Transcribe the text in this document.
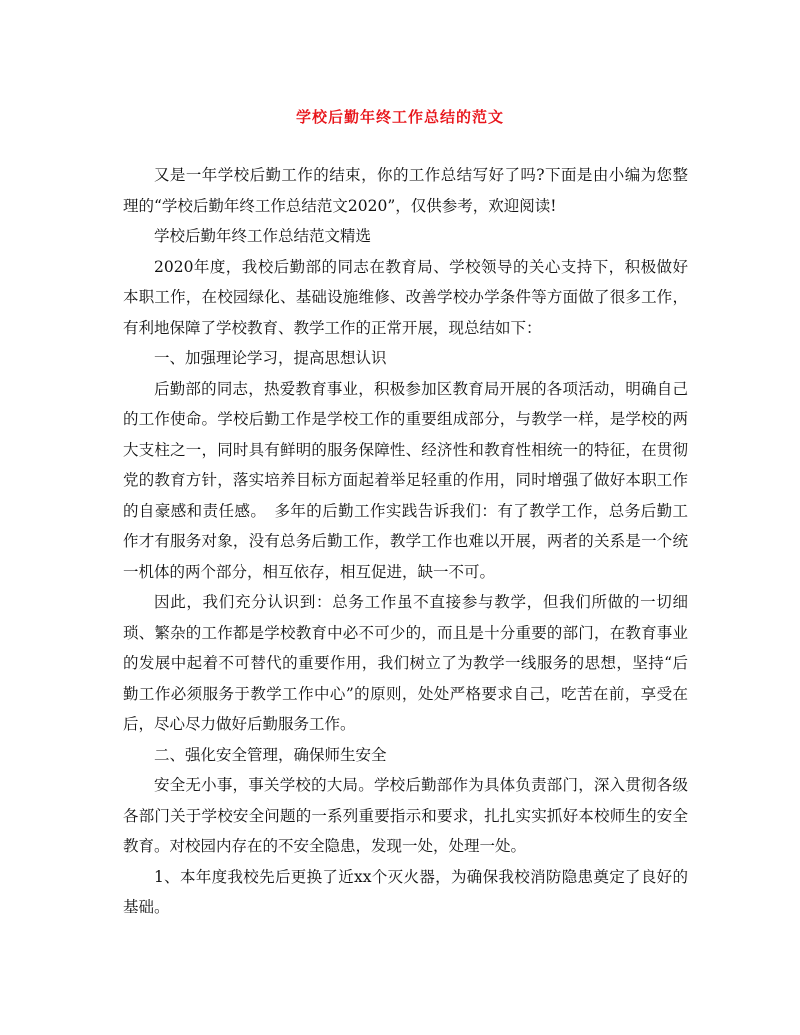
学校后勤年终工作总结的范文

又是一年学校后勤工作的结束，你的工作总结写好了吗?下面是由小编为您整理的“学校后勤年终工作总结范文2020”，仅供参考，欢迎阅读!

学校后勤年终工作总结范文精选

2020年度，我校后勤部的同志在教育局、学校领导的关心支持下，积极做好本职工作，在校园绿化、基础设施维修、改善学校办学条件等方面做了很多工作，有利地保障了学校教育、教学工作的正常开展，现总结如下：

一、加强理论学习，提高思想认识

后勤部的同志，热爱教育事业，积极参加区教育局开展的各项活动，明确自己的工作使命。学校后勤工作是学校工作的重要组成部分，与教学一样，是学校的两大支柱之一，同时具有鲜明的服务保障性、经济性和教育性相统一的特征，在贯彻党的教育方针，落实培养目标方面起着举足轻重的作用，同时增强了做好本职工作的自豪感和责任感。　多年的后勤工作实践告诉我们：有了教学工作，总务后勤工作才有服务对象，没有总务后勤工作，教学工作也难以开展，两者的关系是一个统一机体的两个部分，相互依存，相互促进，缺一不可。

因此，我们充分认识到：总务工作虽不直接参与教学，但我们所做的一切细琐、繁杂的工作都是学校教育中必不可少的，而且是十分重要的部门，在教育事业的发展中起着不可替代的重要作用，我们树立了为教学一线服务的思想，坚持“后勤工作必须服务于教学工作中心”的原则，处处严格要求自己，吃苦在前，享受在后，尽心尽力做好后勤服务工作。

二、强化安全管理，确保师生安全

安全无小事，事关学校的大局。学校后勤部作为具体负责部门，深入贯彻各级各部门关于学校安全问题的一系列重要指示和要求，扎扎实实抓好本校师生的安全教育。对校园内存在的不安全隐患，发现一处，处理一处。

1、本年度我校先后更换了近xx个灭火器，为确保我校消防隐患奠定了良好的基础。
